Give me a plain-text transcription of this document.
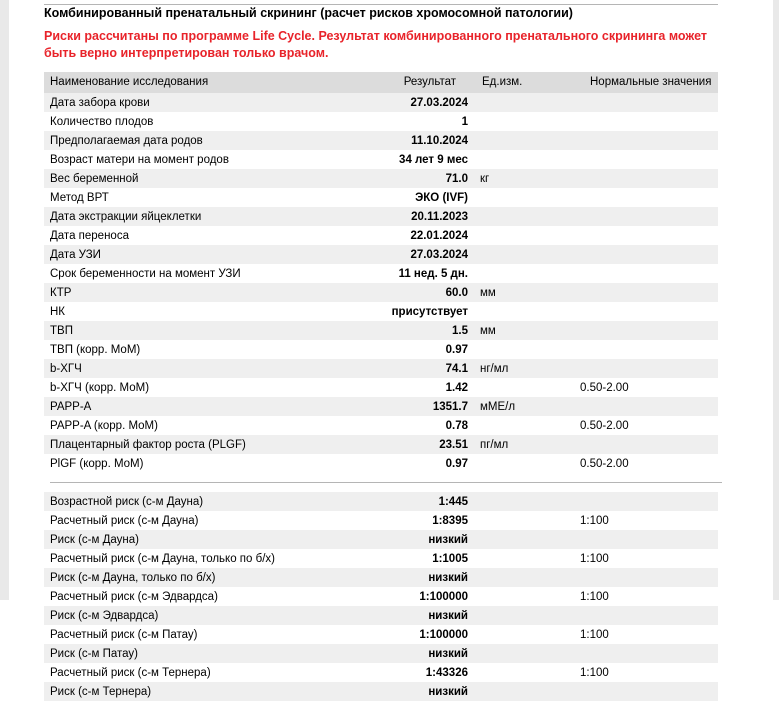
Комбинированный пренатальный скрининг (расчет рисков хромосомной патологии)
Риски рассчитаны по программе Life Cycle. Результат комбинированного пренатального скрининга может быть верно интерпретирован только врачом.
Наименование исследования	Результат	Ед.изм.	Нормальные значения
Дата забора крови	27.03.2024		
Количество плодов	1		
Предполагаемая дата родов	11.10.2024		
Возраст матери на момент родов	34 лет 9 мес		
Вес беременной	71.0	кг	
Метод ВРТ	ЭКО (IVF)		
Дата экстракции яйцеклетки	20.11.2023		
Дата переноса	22.01.2024		
Дата УЗИ	27.03.2024		
Срок беременности на момент УЗИ	11 нед. 5 дн.		
КТР	60.0	мм	
НК	присутствует		
ТВП	1.5	мм	
ТВП (корр. МоМ)	0.97		
b-ХГЧ	74.1	нг/мл	
b-ХГЧ (корр. МоМ)	1.42		0.50-2.00
PAPP-A	1351.7	мМЕ/л	
PAPP-A (корр. МоМ)	0.78		0.50-2.00
Плацентарный фактор роста (PLGF)	23.51	пг/мл	
PlGF (корр. МоМ)	0.97		0.50-2.00

Возрастной риск (с-м Дауна)	1:445		
Расчетный риск (с-м Дауна)	1:8395		1:100
Риск (с-м Дауна)	низкий		
Расчетный риск (с-м Дауна, только по б/х)	1:1005		1:100
Риск (с-м Дауна, только по б/х)	низкий		
Расчетный риск (с-м Эдвардса)	1:100000		1:100
Риск (с-м Эдвардса)	низкий		
Расчетный риск (с-м Патау)	1:100000		1:100
Риск (с-м Патау)	низкий		
Расчетный риск (с-м Тернера)	1:43326		1:100
Риск (с-м Тернера)	низкий		
